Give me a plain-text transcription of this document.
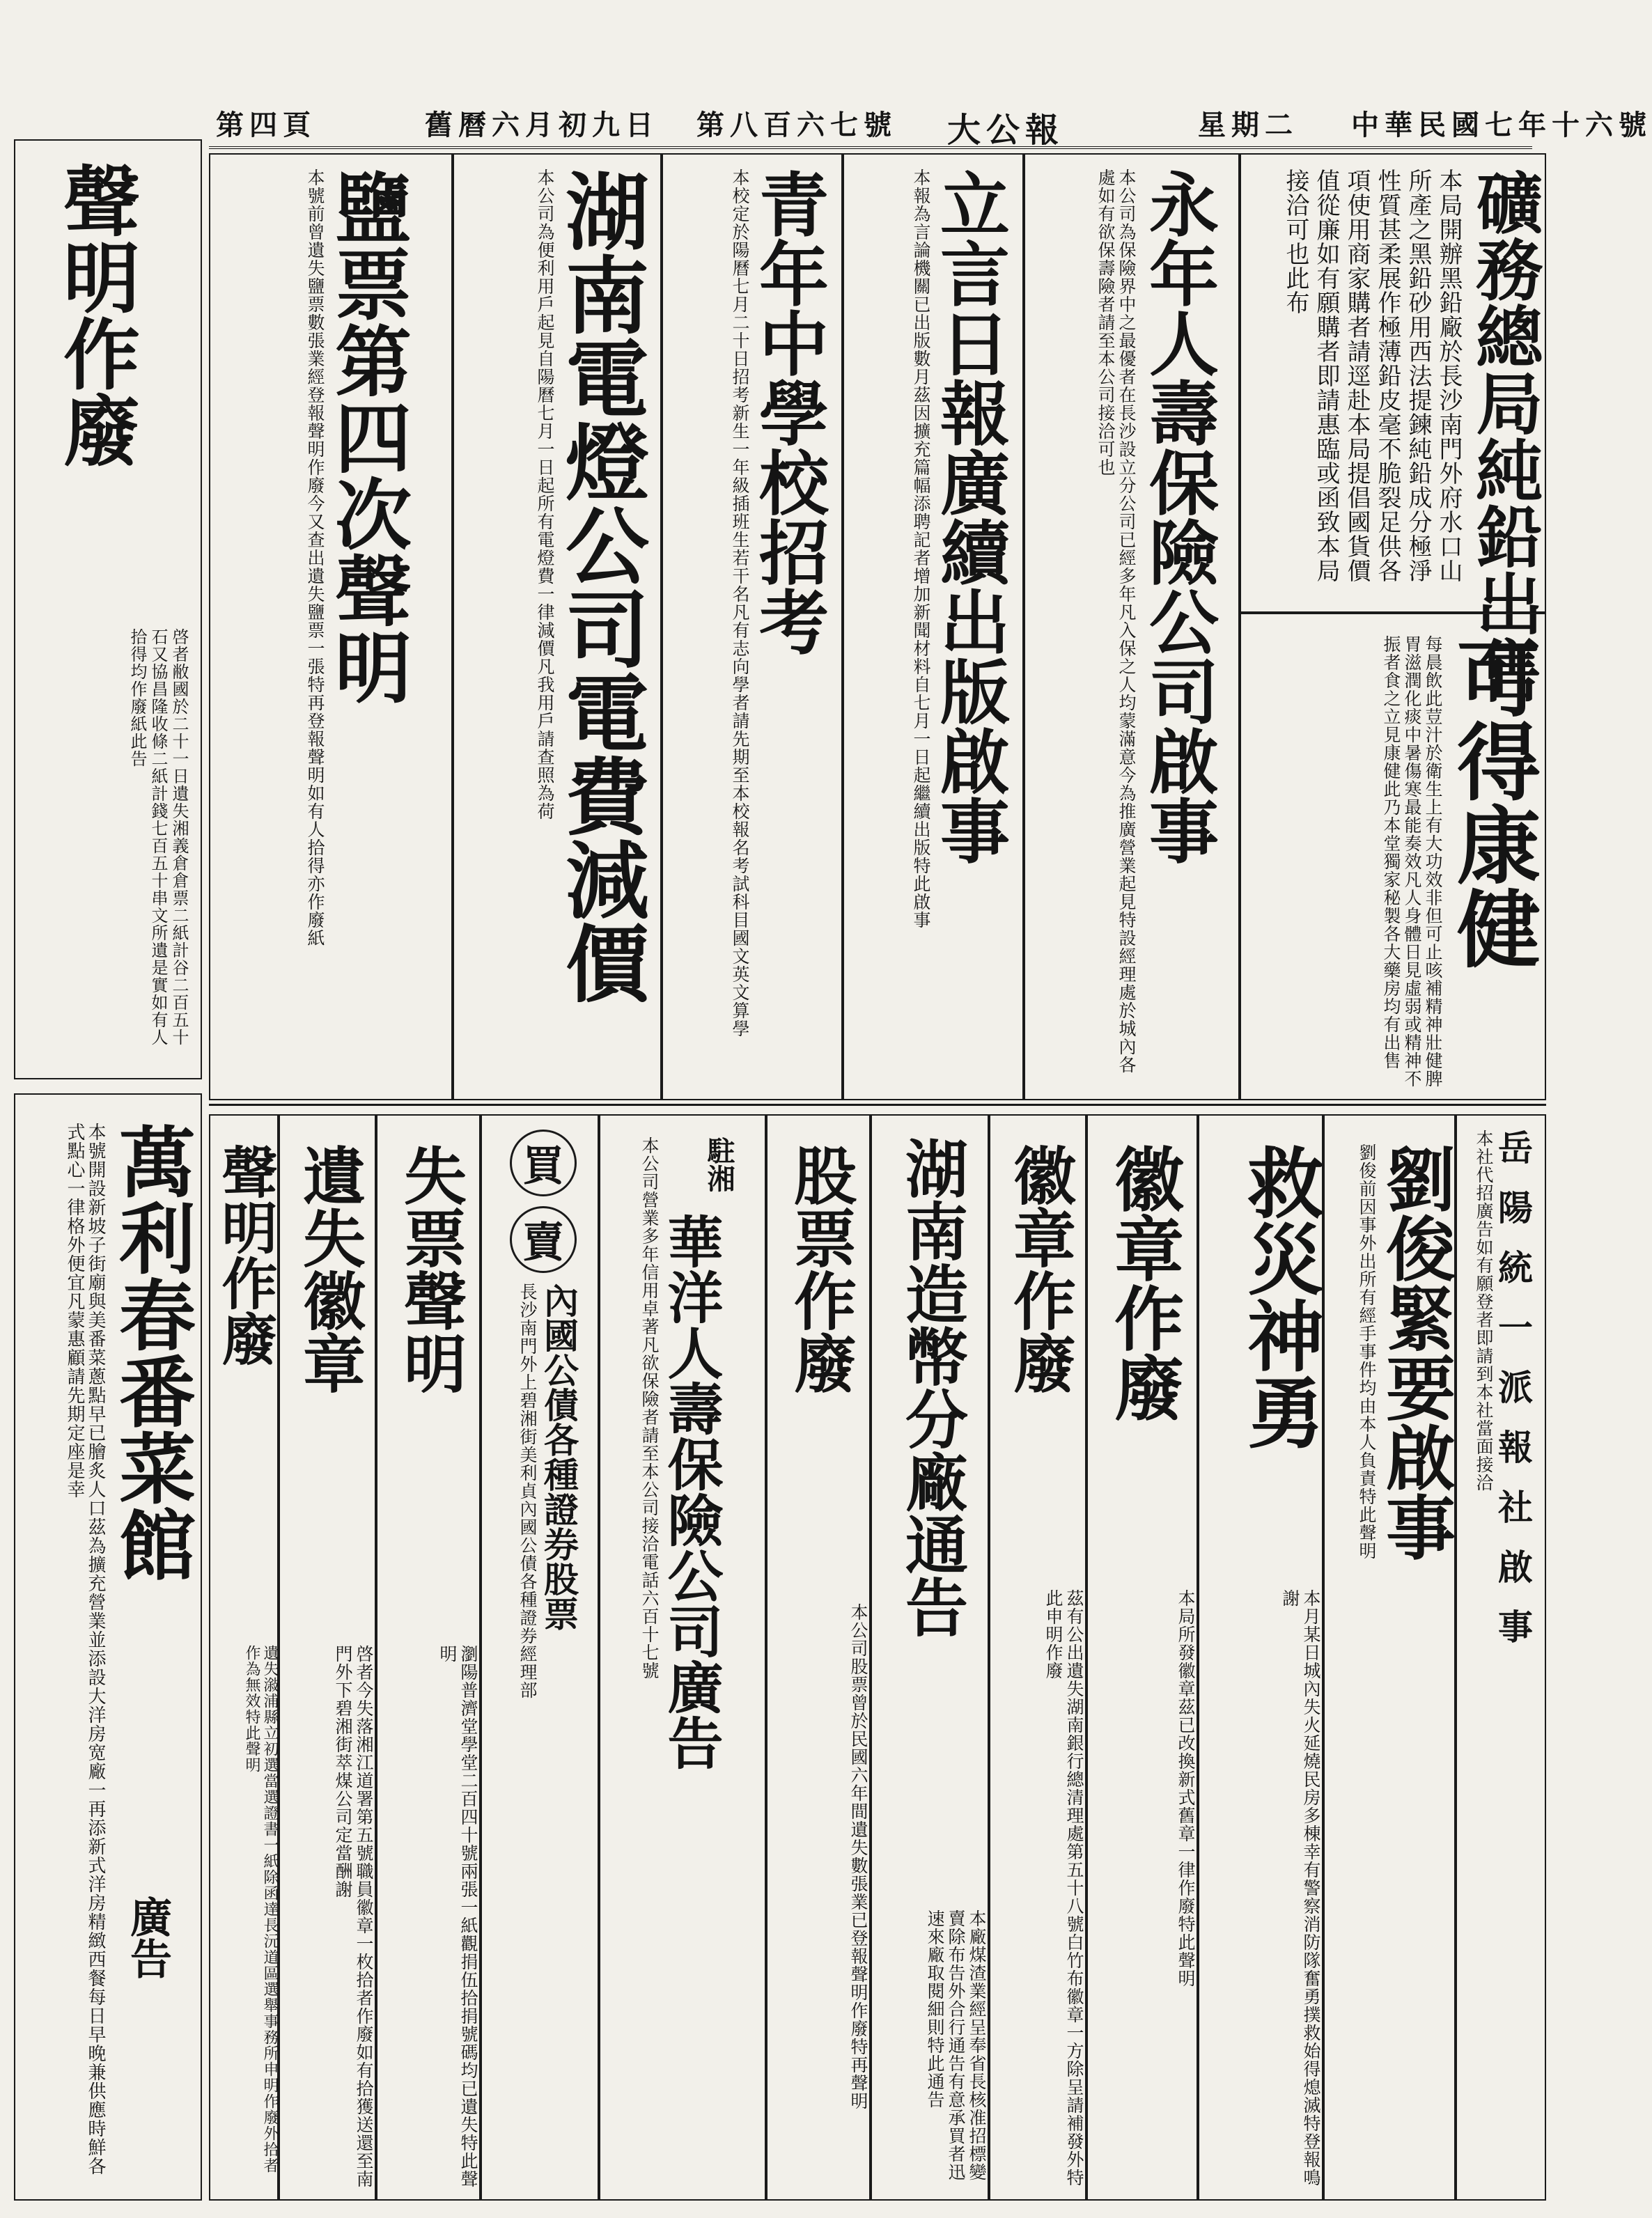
中華民國七年十六號
星期二
大公報
第八百六七號
舊曆六月初九日
第四頁
聲明作廢
啓者敝國於二十一日遺失湘義倉倉票二紙計谷二百五十石又協昌隆收條二紙計錢七百五十串文所遺是實如有人拾得均作廢紙此告
萬利春番菜館
廣告
本號開設新坡子街廟與美番菜蔥點早已膾炙人口茲為擴充營業並添設大洋房宽廠一再添新式洋房精緻西餐每日早晚兼供應時鮮各式點心一律格外便宜凡蒙惠顧請先期定座是幸
礦務總局純鉛出售
本局開辦黑鉛廠於長沙南門外府水口山所產之黑鉛砂用西法提鍊純鉛成分極淨性質甚柔展作極薄鉛皮毫不脆裂足供各項使用商家購者請逕赴本局提倡國貨價值從廉如有願購者即請惠臨或函致本局接洽可也此布
可得康健
每晨飲此荳汁於衛生上有大功效非但可止咳補精神壯健脾胃滋潤化痰中暑傷寒最能奏效凡人身體日見虛弱或精神不振者食之立見康健此乃本堂獨家秘製各大藥房均有出售
永年人壽保險公司啟事
本公司為保險界中之最優者在長沙設立分公司已經多年凡入保之人均蒙滿意今為推廣營業起見特設經理處於城內各處如有欲保壽險者請至本公司接洽可也
立言日報廣續出版啟事
本報為言論機關已出版數月茲因擴充篇幅添聘記者增加新聞材料自七月一日起繼續出版特此啟事
青年中學校招考
本校定於陽曆七月二十日招考新生一年級插班生若干名凡有志向學者請先期至本校報名考試科目國文英文算學
湖南電燈公司電費減價
本公司為便利用戶起見自陽曆七月一日起所有電燈費一律減價凡我用戶請查照為荷
鹽票第四次聲明
本號前曾遺失鹽票數張業經登報聲明作廢今又查出遺失鹽票一張特再登報聲明如有人拾得亦作廢紙
岳陽統一派報社啟事
本社代招廣告如有願登者即請到本社當面接洽
劉俊緊要啟事
劉俊前因事外出所有經手事件均由本人負責特此聲明
救災神勇
本月某日城內失火延燒民房多棟幸有警察消防隊奮勇撲救始得熄滅特登報鳴謝
徽章作廢
本局所發徽章茲已改換新式舊章一律作廢特此聲明
徽章作廢
茲有公出遺失湖南銀行總清理處第五十八號白竹布徽章一方除呈請補發外特此申明作廢
湖南造幣分廠通告
本廠煤渣業經呈奉省長核准招標變賣除布告外合行通告有意承買者迅速來廠取閱細則特此通告
股票作廢
本公司股票曾於民國六年間遺失數張業已登報聲明作廢特再聲明
駐湘
華洋人壽保險公司廣告
本公司營業多年信用卓著凡欲保險者請至本公司接洽電話六百十七號
買
賣
內國公債各種證券股票
長沙南門外上碧湘街美利貞內國公債各種證券經理部
失票聲明
瀏陽普濟堂學堂二百四十號兩張一紙觀捐伍拾捐號碼均已遺失特此聲明
遺失徽章
啓者今失落湘江道署第五號職員徽章一枚拾者作廢如有拾獲送還至南門外下碧湘街萃煤公司定當酬謝
聲明作廢
遺失潊浦縣立初選當選證書一紙除函達長沅道區選舉事務所申明作廢外拾者作為無效特此聲明
